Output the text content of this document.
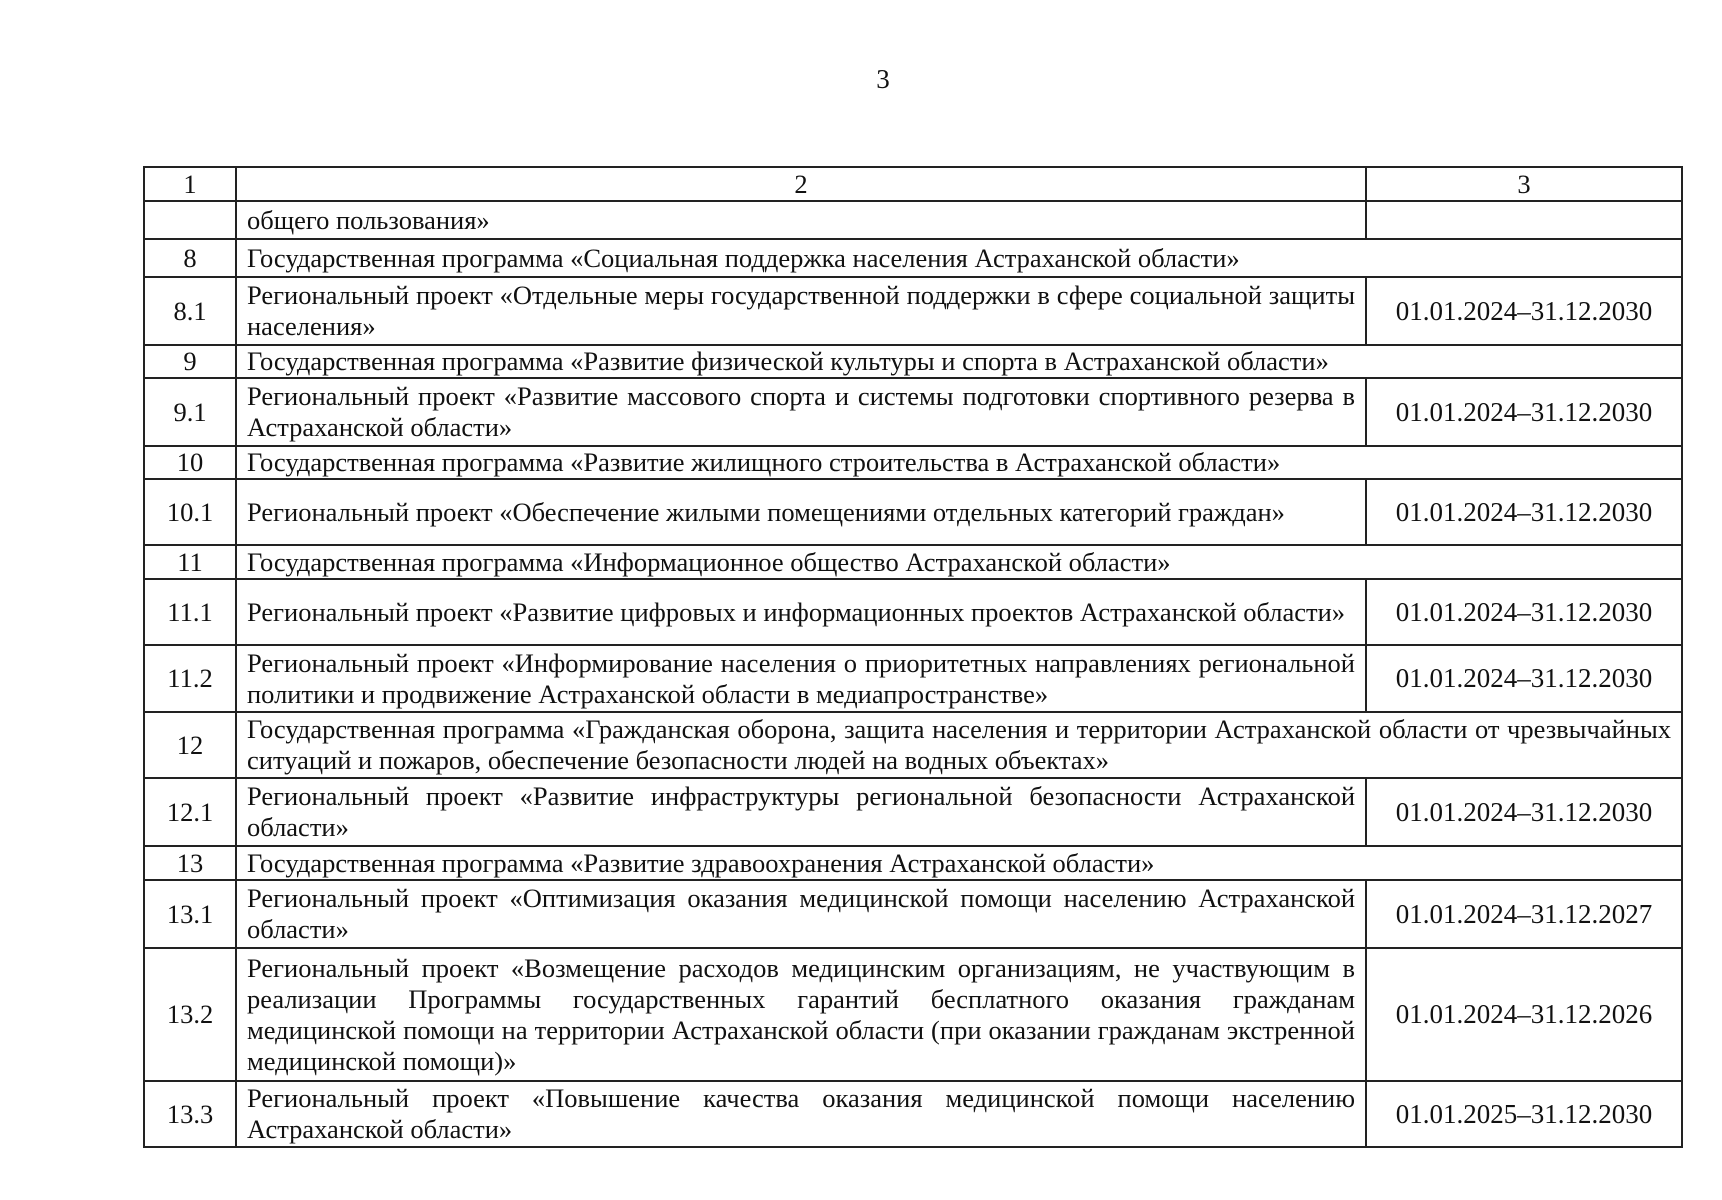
3
1	2	3
	общего пользования»	
8	Государственная программа «Социальная поддержка населения Астраханской области»	
8.1	Региональный проект «Отдельные меры государственной поддержки в сфере социальной защиты населения»	01.01.2024–31.12.2030
9	Государственная программа «Развитие физической культуры и спорта в Астраханской области»	
9.1	Региональный проект «Развитие массового спорта и системы подготовки спортивного резерва в Астраханской области»	01.01.2024–31.12.2030
10	Государственная программа «Развитие жилищного строительства в Астраханской области»	
10.1	Региональный проект «Обеспечение жилыми помещениями отдельных категорий граждан»	01.01.2024–31.12.2030
11	Государственная программа «Информационное общество Астраханской области»	
11.1	Региональный проект «Развитие цифровых и информационных проектов Астраханской области»	01.01.2024–31.12.2030
11.2	Региональный проект «Информирование населения о приоритетных направлениях региональной политики и продвижение Астраханской области в медиапространстве»	01.01.2024–31.12.2030
12	Государственная программа «Гражданская оборона, защита населения и территории Астраханской области от чрезвычайных ситуаций и пожаров, обеспечение безопасности людей на водных объектах»	
12.1	Региональный проект «Развитие инфраструктуры региональной безопасности Астраханской области»	01.01.2024–31.12.2030
13	Государственная программа «Развитие здравоохранения Астраханской области»	
13.1	Региональный проект «Оптимизация оказания медицинской помощи населению Астраханской области»	01.01.2024–31.12.2027
13.2	Региональный проект «Возмещение расходов медицинским организациям, не участвующим в реализации Программы государственных гарантий бесплатного оказания гражданам медицинской помощи на территории Астраханской области (при оказании гражданам экстренной медицинской помощи)»	01.01.2024–31.12.2026
13.3	Региональный проект «Повышение качества оказания медицинской помощи населению Астраханской области»	01.01.2025–31.12.2030
